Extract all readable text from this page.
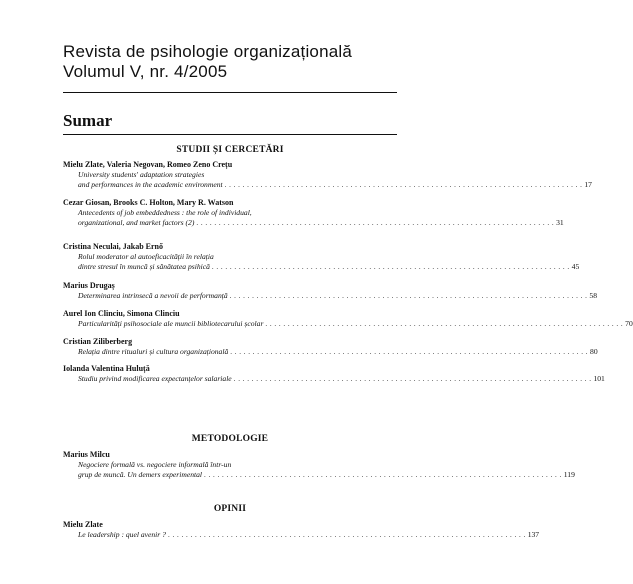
Revista de psihologie organizațională
Volumul V, nr. 4/2005
Sumar
STUDII ȘI CERCETĂRI
Mielu Zlate, Valeria Negovan, Romeo Zeno Crețu
University students' adaptation strategies
and performances in the academic environment . . . . . . . . . . . . . . . . . . . . . . . . . . . . . . . . . . . . . . . . . . . . . . . . . . . . . . . . . . . . . . . . . . . . . . . . . . . . . . . . 17
Cezar Giosan, Brooks C. Holton, Mary R. Watson
Antecedents of job embeddedness : the role of individual,
organizational, and market factors (2) . . . . . . . . . . . . . . . . . . . . . . . . . . . . . . . . . . . . . . . . . . . . . . . . . . . . . . . . . . . . . . . . . . . . . . . . . . . . . . . . 31
Cristina Neculai, Jakab Ernő
Rolul moderator al autoeficacității în relația
dintre stresul în muncă și sănătatea psihică . . . . . . . . . . . . . . . . . . . . . . . . . . . . . . . . . . . . . . . . . . . . . . . . . . . . . . . . . . . . . . . . . . . . . . . . . . . . . . . . 45
Marius Drugaș
Determinarea intrinsecă a nevoii de performanță . . . . . . . . . . . . . . . . . . . . . . . . . . . . . . . . . . . . . . . . . . . . . . . . . . . . . . . . . . . . . . . . . . . . . . . . . . . . . . . . 58
Aurel Ion Clinciu, Simona Clinciu
Particularități psihosociale ale muncii bibliotecarului școlar . . . . . . . . . . . . . . . . . . . . . . . . . . . . . . . . . . . . . . . . . . . . . . . . . . . . . . . . . . . . . . . . . . . . . . . . . . . . . . . . 70
Cristian Ziliberberg
Relația dintre ritualuri și cultura organizațională . . . . . . . . . . . . . . . . . . . . . . . . . . . . . . . . . . . . . . . . . . . . . . . . . . . . . . . . . . . . . . . . . . . . . . . . . . . . . . . . 80
Iolanda Valentina Huluță
Studiu privind modificarea expectanțelor salariale . . . . . . . . . . . . . . . . . . . . . . . . . . . . . . . . . . . . . . . . . . . . . . . . . . . . . . . . . . . . . . . . . . . . . . . . . . . . . . . . 101
METODOLOGIE
Marius Milcu
Negociere formală vs. negociere informală într-un
grup de muncă. Un demers experimental . . . . . . . . . . . . . . . . . . . . . . . . . . . . . . . . . . . . . . . . . . . . . . . . . . . . . . . . . . . . . . . . . . . . . . . . . . . . . . . . 119
OPINII
Mielu Zlate
Le leadership : quel avenir ? . . . . . . . . . . . . . . . . . . . . . . . . . . . . . . . . . . . . . . . . . . . . . . . . . . . . . . . . . . . . . . . . . . . . . . . . . . . . . . . . 137
